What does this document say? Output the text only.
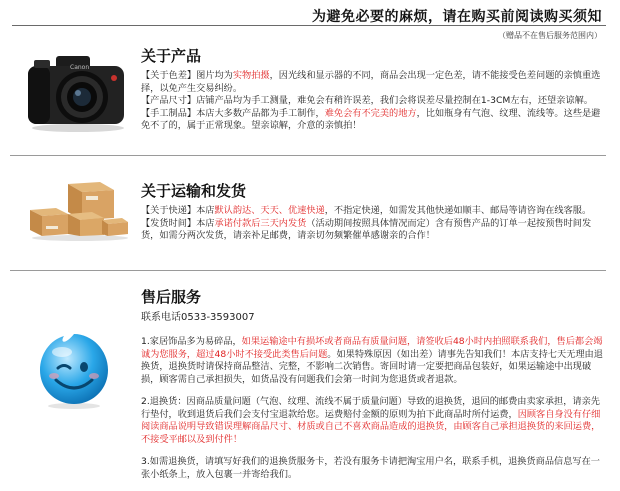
为避免必要的麻烦，请在购买前阅读购买须知
（赠品不在售后服务范围内）
Canon
关于产品

【关于色差】图片均为实物拍摄，因光线和显示器的不同，商品会出现一定色差，请不能接受色差问题的亲慎重选择，以免产生交易纠纷。

【产品尺寸】店铺产品均为手工测量，难免会有稍许误差，我们会将误差尽量控制在1-3CM左右，还望亲谅解。

【手工制品】本店大多数产品都为手工制作，难免会有不完美的地方，比如瓶身有气泡、纹理、流线等。这些是避免不了的，属于正常现象。望亲谅解，介意的亲慎拍！

关于运输和发货

【关于快递】本店默认韵达、天天、优速快递，不指定快递，如需发其他快递如顺丰、邮局等请咨询在线客服。

【发货时间】本店承诺付款后三天内发货（活动期间按照具体情况而定）含有预售产品的订单一起按预售时间发货，如需分两次发货，请亲补足邮费，请亲切勿频繁催单感谢亲的合作！

售后服务
联系电话0533-3593007

1.家居饰品多为易碎品，如果运输途中有损坏或者商品有质量问题，请签收后48小时内拍照联系我们，售后都会竭诚为您服务，超过48小时不接受此类售后问题。如果特殊原因（如出差）请事先告知我们！本店支持七天无理由退换货，退换货时请保持商品整洁、完整，不影响二次销售。寄回时请一定要把商品包装好，如果运输途中出现破损，顾客需自己承担损失，如货品没有问题我们会第一时间为您退货或者退款。

2.退换货：因商品质量问题（气泡、纹理、流线不属于质量问题）导致的退换货，退回的邮费由卖家承担，请亲先行垫付，收到退货后我们会支付宝退款给您。运费赔付金额的原则为拍下此商品时所付运费，因顾客自身没有仔细阅读商品说明导致错误理解商品尺寸、材质或自己不喜欢商品造成的退换货，由顾客自己承担退换货的来回运费，不接受平邮以及到付件！

3.如需退换货，请填写好我们的退换货服务卡，若没有服务卡请把淘宝用户名，联系手机，退换货商品信息写在一张小纸条上，放入包裹一并寄给我们。
